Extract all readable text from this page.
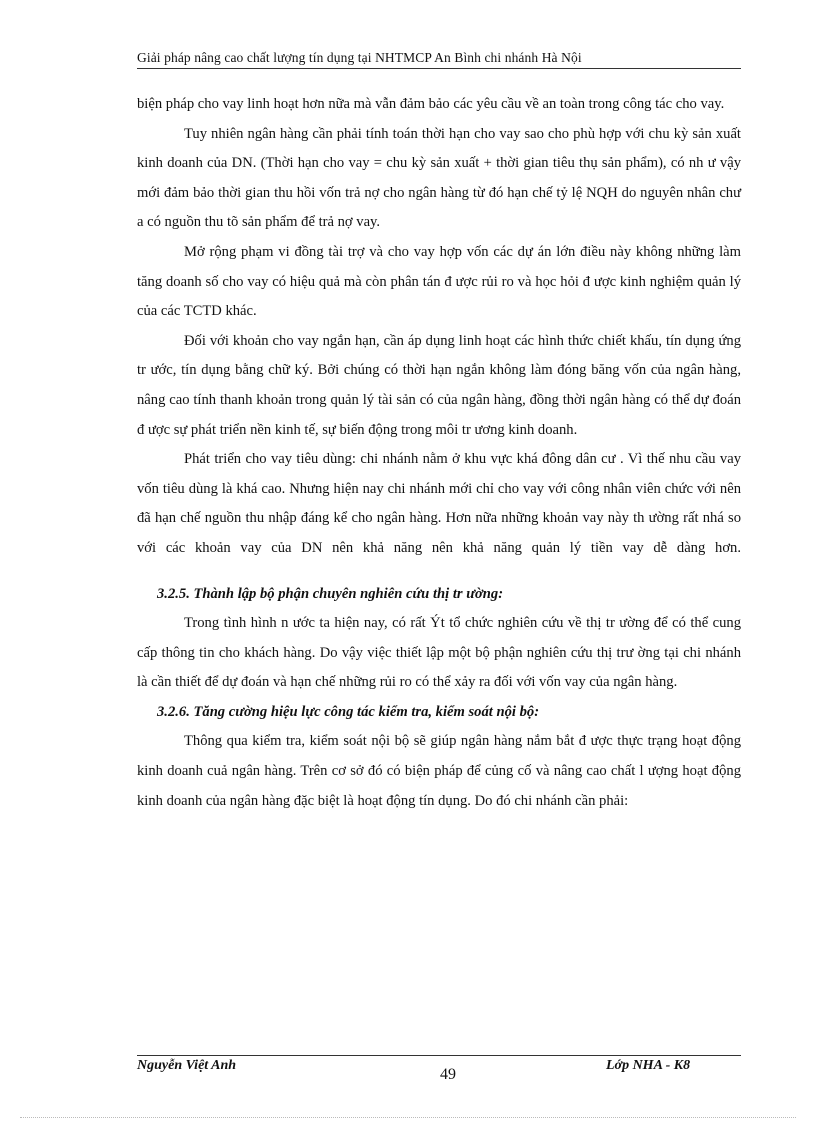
Giải pháp nâng cao chất lượng tín dụng tại NHTMCP An Bình chi nhánh Hà Nội

biện pháp cho vay linh hoạt hơn nữa mà vẫn đảm bảo các yêu cầu về an toàn trong công tác cho vay.

Tuy nhiên ngân hàng cần phải tính toán thời hạn cho vay sao cho phù hợp với chu kỳ sản xuất kinh doanh của DN. (Thời hạn cho vay = chu kỳ sản xuất + thời gian tiêu thụ sản phẩm), có nh ư vậy mới đảm bảo thời gian thu hồi vốn trả nợ cho ngân hàng từ đó hạn chế tỷ lệ NQH do nguyên nhân chư a có nguồn thu tõ sản phẩm để trả nợ vay.

Mở rộng phạm vi đồng tài trợ và cho vay hợp vốn các dự án lớn điều này không những làm tăng doanh số cho vay có hiệu quả mà còn phân tán đ ược rủi ro và học hỏi đ ược kinh nghiệm quản lý của các TCTD khác.

Đối với khoản cho vay ngắn hạn, cần áp dụng linh hoạt các hình thức chiết khấu, tín dụng ứng tr ước, tín dụng bằng chữ ký. Bởi chúng có thời hạn ngắn không làm đóng băng vốn của ngân hàng, nâng cao tính thanh khoản trong quản lý tài sản có của ngân hàng, đồng thời ngân hàng có thể dự đoán đ ược sự phát triển nền kinh tế, sự biến động trong môi tr ương kinh doanh.

Phát triển cho vay tiêu dùng: chi nhánh nằm ở khu vực khá đông dân cư . Vì thế nhu cầu vay vốn tiêu dùng là khá cao. Nhưng hiện nay chi nhánh mới chỉ cho vay với công nhân viên chức với nên đã hạn chế nguồn thu nhập đáng kể cho ngân hàng. Hơn nữa những khoản vay này th ường rất nhá so với các khoản vay của DN nên khả năng nên khả năng quản lý tiền vay dễ dàng hơn.

3.2.5. Thành lập bộ phận chuyên nghiên cứu thị tr ường:

Trong tình hình n ước ta hiện nay, có rất Ýt tổ chức nghiên cứu về thị tr ường để có thể cung cấp thông tin cho khách hàng. Do vậy việc thiết lập một bộ phận nghiên cứu thị trư ờng tại chi nhánh là cần thiết để dự đoán và hạn chế những rủi ro có thể xảy ra đối với vốn vay của ngân hàng.

3.2.6. Tăng cường hiệu lực công tác kiểm tra, kiểm soát nội bộ:

Thông qua kiểm tra, kiểm soát nội bộ sẽ giúp ngân hàng nắm bắt đ ược thực trạng hoạt động kinh doanh cuả ngân hàng. Trên cơ sở đó có biện pháp để củng cố và nâng cao chất l ượng hoạt động kinh doanh của ngân hàng đặc biệt là hoạt động tín dụng. Do đó chi nhánh cần phải:

Nguyễn Việt Anh
49
Lớp NHA - K8
